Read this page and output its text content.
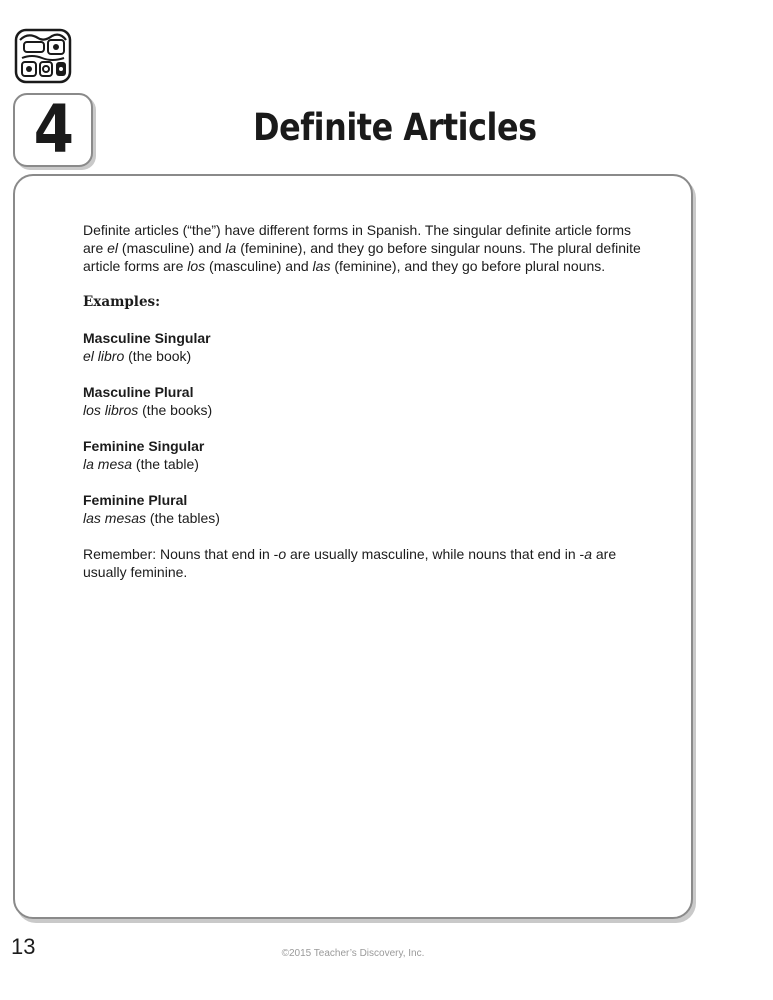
4	Definite Articles

Definite articles (“the”) have different forms in Spanish. The singular definite article forms are el (masculine) and la (feminine), and they go before singular nouns. The plural definite article forms are los (masculine) and las (feminine), and they go before plural nouns.

Examples:

Masculine Singular

el libro (the book)

Masculine Plural

los libros (the books)

Feminine Singular

la mesa (the table)

Feminine Plural

las mesas (the tables)

Remember: Nouns that end in -o are usually masculine, while nouns that end in -a are usually feminine.

13	©2015 Teacher’s Discovery, Inc.
